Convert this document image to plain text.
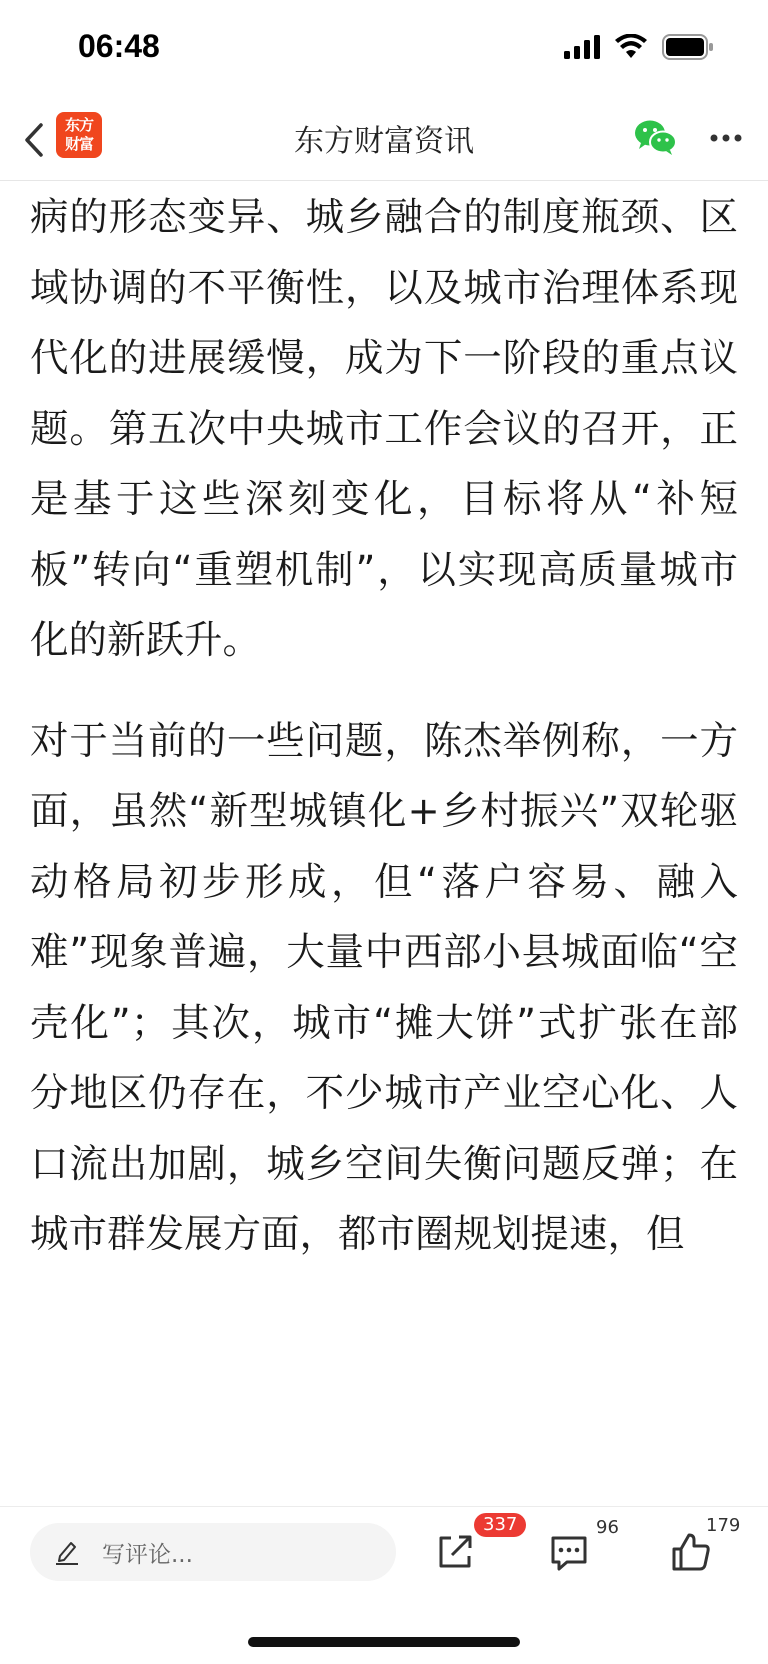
06:48
东方
财富	东方财富资讯

病的形态变异、城乡融合的制度瓶颈、区域协调的不平衡性，以及城市治理体系现代化的进展缓慢，成为下一阶段的重点议题。第五次中央城市工作会议的召开，正是基于这些深刻变化，目标将从“补短板”转向“重塑机制”，以实现高质量城市化的新跃升。

对于当前的一些问题，陈杰举例称，一方面，虽然“新型城镇化+乡村振兴”双轮驱动格局初步形成，但“落户容易、融入难”现象普遍，大量中西部小县城面临“空壳化”；其次，城市“摊大饼”式扩张在部分地区仍存在，不少城市产业空心化、人口流出加剧，城乡空间失衡问题反弹；在城市群发展方面，都市圈规划提速，但

写评论...
337	96	179
